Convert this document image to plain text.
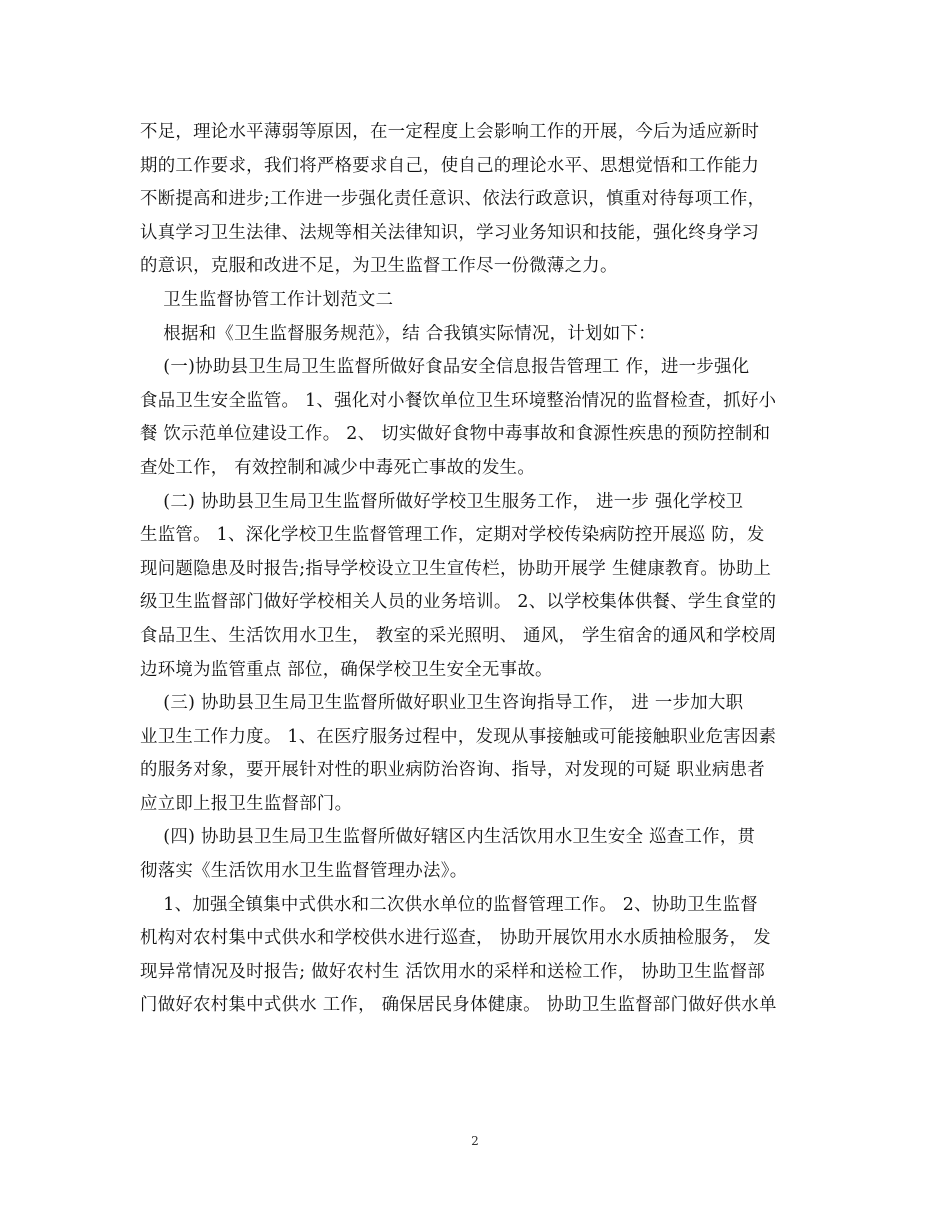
不足，理论水平薄弱等原因，在一定程度上会影响工作的开展，今后为适应新时
期的工作要求，我们将严格要求自己，使自己的理论水平、思想觉悟和工作能力
不断提高和进步;工作进一步强化责任意识、依法行政意识，慎重对待每项工作，
认真学习卫生法律、法规等相关法律知识，学习业务知识和技能，强化终身学习
的意识，克服和改进不足，为卫生监督工作尽一份微薄之力。
卫生监督协管工作计划范文二
根据和《卫生监督服务规范》，结 合我镇实际情况，计划如下：
(一)协助县卫生局卫生监督所做好食品安全信息报告管理工 作，进一步强化
食品卫生安全监管。 1、强化对小餐饮单位卫生环境整治情况的监督检查，抓好小
餐 饮示范单位建设工作。 2、 切实做好食物中毒事故和食源性疾患的预防控制和
查处工作， 有效控制和减少中毒死亡事故的发生。
(二) 协助县卫生局卫生监督所做好学校卫生服务工作， 进一步 强化学校卫
生监管。 1、深化学校卫生监督管理工作，定期对学校传染病防控开展巡 防，发
现问题隐患及时报告;指导学校设立卫生宣传栏，协助开展学 生健康教育。协助上
级卫生监督部门做好学校相关人员的业务培训。 2、以学校集体供餐、学生食堂的
食品卫生、生活饮用水卫生， 教室的采光照明、 通风， 学生宿舍的通风和学校周
边环境为监管重点 部位，确保学校卫生安全无事故。
(三) 协助县卫生局卫生监督所做好职业卫生咨询指导工作， 进 一步加大职
业卫生工作力度。 1、在医疗服务过程中，发现从事接触或可能接触职业危害因素
的服务对象，要开展针对性的职业病防治咨询、指导，对发现的可疑 职业病患者
应立即上报卫生监督部门。
(四) 协助县卫生局卫生监督所做好辖区内生活饮用水卫生安全 巡查工作，贯
彻落实《生活饮用水卫生监督管理办法》。
1、加强全镇集中式供水和二次供水单位的监督管理工作。 2、协助卫生监督
机构对农村集中式供水和学校供水进行巡查， 协助开展饮用水水质抽检服务， 发
现异常情况及时报告; 做好农村生 活饮用水的采样和送检工作， 协助卫生监督部
门做好农村集中式供水 工作， 确保居民身体健康。 协助卫生监督部门做好供水单
2
